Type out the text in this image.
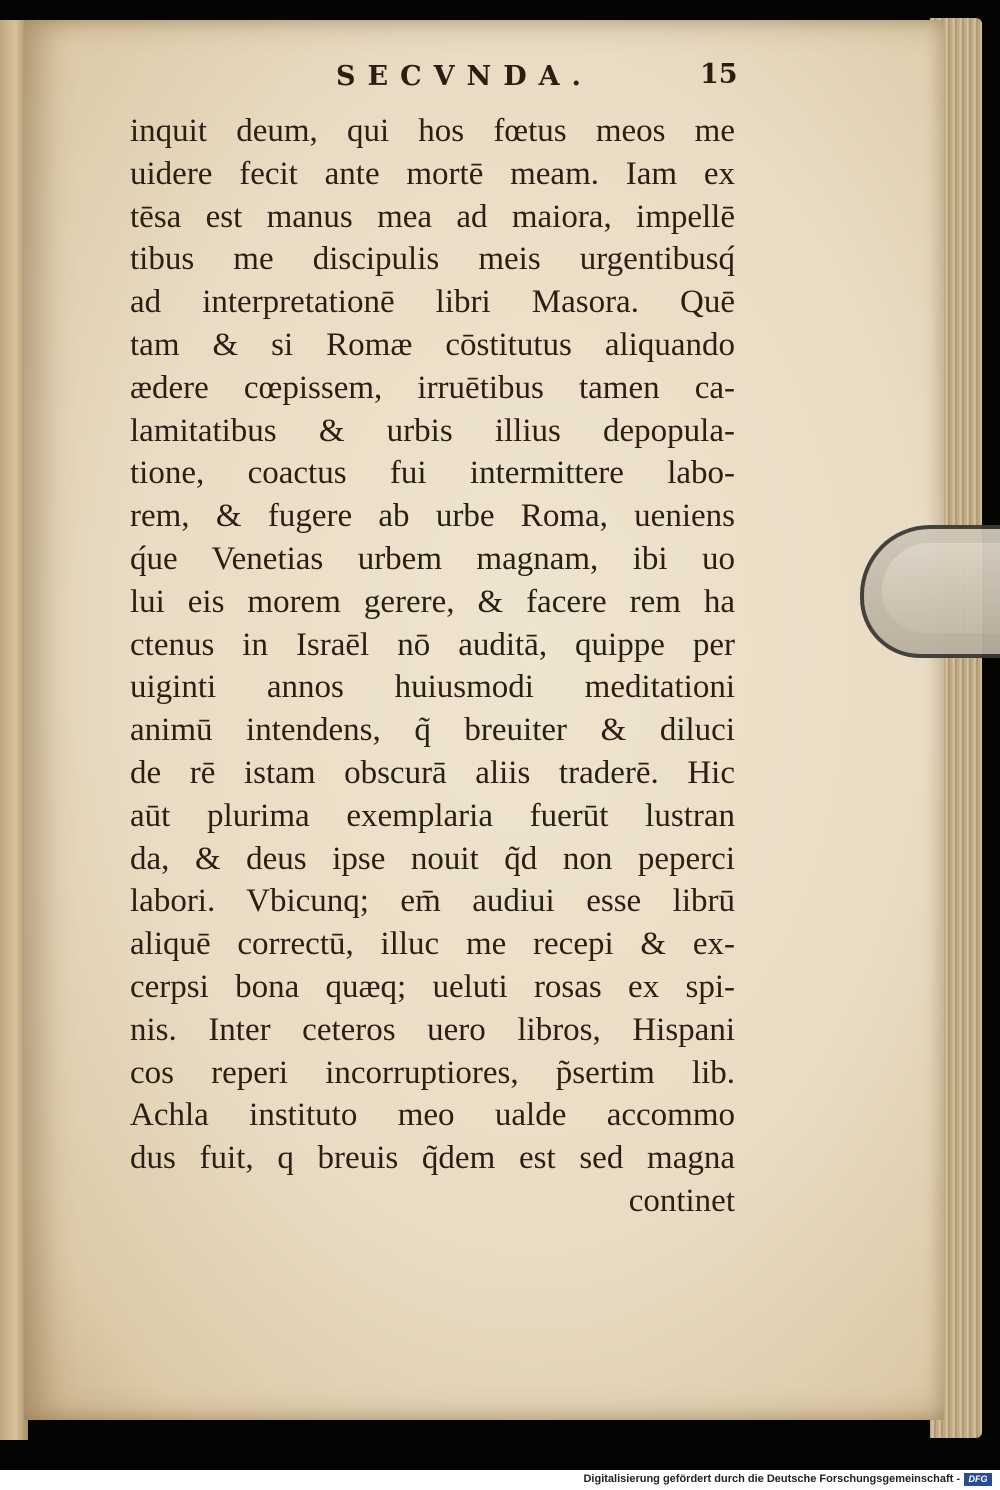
SECVNDA.	15
inquit deum, qui hos fœtus meos me
uidere fecit ante mortē meam. Iam ex
tēsa est manus mea ad maiora, impellē
tibus me discipulis meis urgentibusq́
ad interpretationē libri Masora. Quē
tam & si Romæ cōstitutus aliquando
ædere cœpissem, irruētibus tamen ca-
lamitatibus & urbis illius depopula-
tione, coactus fui intermittere labo-
rem, & fugere ab urbe Roma, ueniens
q́ue Venetias urbem magnam, ibi uo
lui eis morem gerere, & facere rem ha
ctenus in Israēl nō auditā, quippe per
uiginti annos huiusmodi meditationi
animū intendens, q̃ breuiter & diluci
de rē istam obscurā aliis traderē. Hic
aūt plurima exemplaria fuerūt lustran
da, & deus ipse nouit q̃d non peperci
labori. Vbicunq; em̄ audiui esse librū
aliquē correctū, illuc me recepi & ex-
cerpsi bona quæq; ueluti rosas ex spi-
nis. Inter ceteros uero libros, Hispani
cos reperi incorruptiores, p̃sertim lib.
Achla instituto meo ualde accommo
dus fuit, q breuis q̃dem est sed magna
continet
Digitalisierung gefördert durch die Deutsche Forschungsgemeinschaft - DFG
